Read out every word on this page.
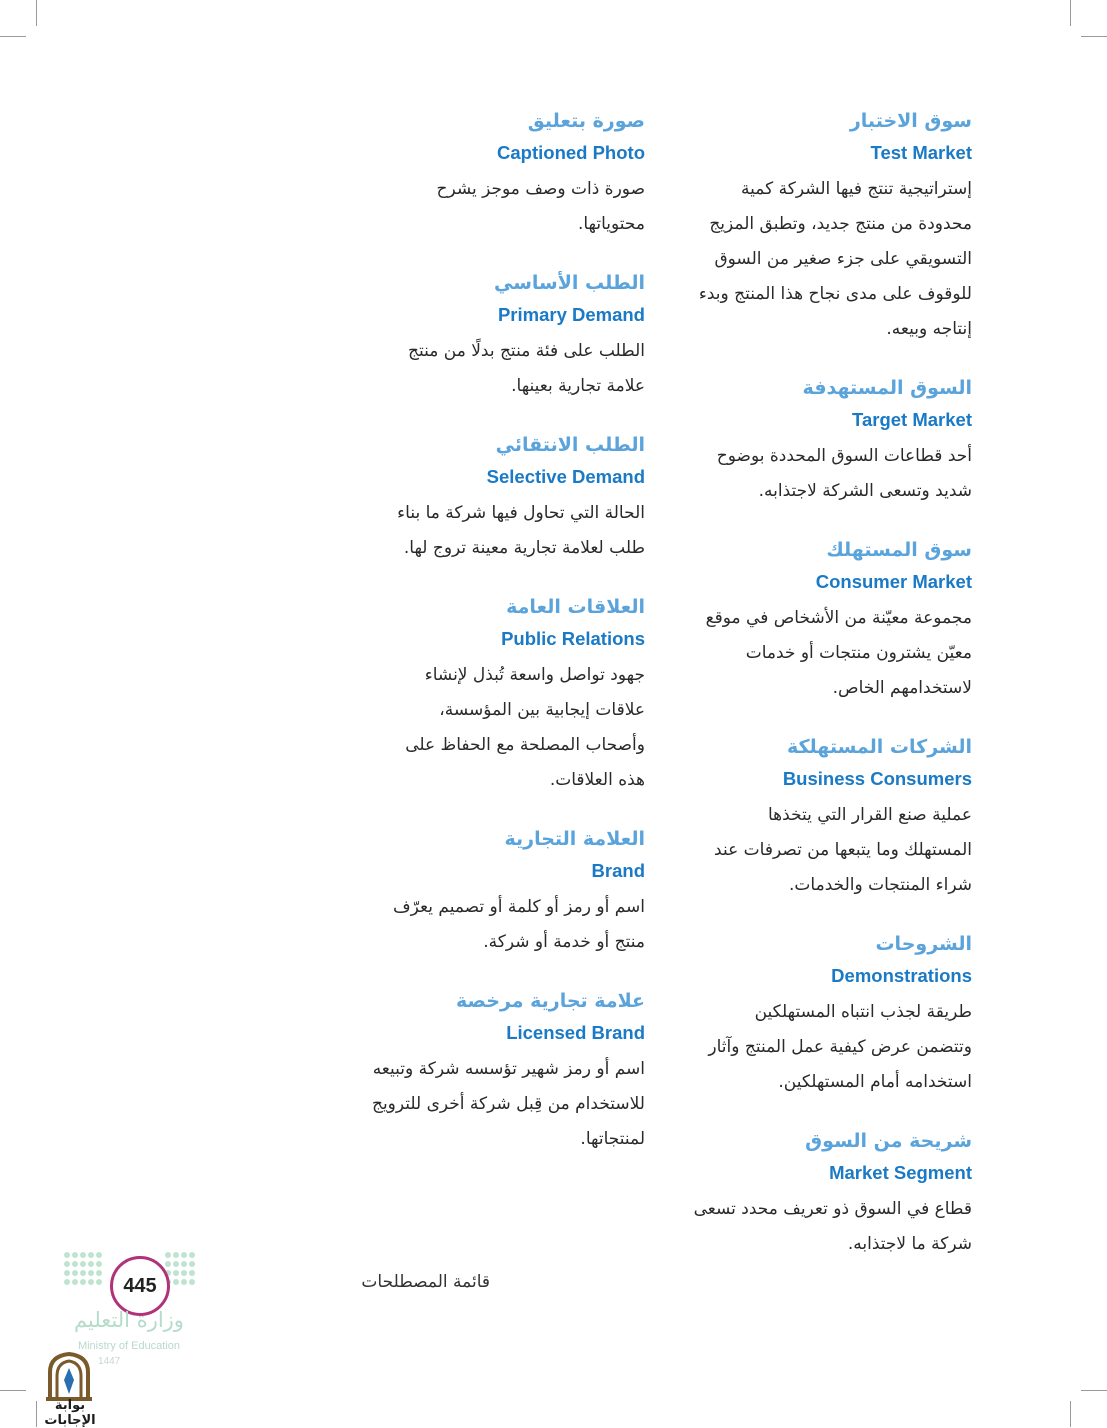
سوق الاختبار
Test Market
إستراتيجية تنتج فيها الشركة كمية
محدودة من منتج جديد، وتطبق المزيج
التسويقي على جزء صغير من السوق
للوقوف على مدى نجاح هذا المنتج وبدء
إنتاجه وبيعه.
السوق المستهدفة
Target Market
أحد قطاعات السوق المحددة بوضوح
شديد وتسعى الشركة لاجتذابه.
سوق المستهلك
Consumer Market
مجموعة معيّنة من الأشخاص في موقع
معيّن يشترون منتجات أو خدمات
لاستخدامهم الخاص.
الشركات المستهلكة
Business Consumers
عملية صنع القرار التي يتخذها
المستهلك وما يتبعها من تصرفات عند
شراء المنتجات والخدمات.
الشروحات
Demonstrations
طريقة لجذب انتباه المستهلكين
وتتضمن عرض كيفية عمل المنتج وآثار
استخدامه أمام المستهلكين.
شريحة من السوق
Market Segment
قطاع في السوق ذو تعريف محدد تسعى
شركة ما لاجتذابه.
صورة بتعليق
Captioned Photo
صورة ذات وصف موجز يشرح
محتوياتها.
الطلب الأساسي
Primary Demand
الطلب على فئة منتج بدلًا من منتج
علامة تجارية بعينها.
الطلب الانتقائي
Selective Demand
الحالة التي تحاول فيها شركة ما بناء
طلب لعلامة تجارية معينة تروج لها.
العلاقات العامة
Public Relations
جهود تواصل واسعة تُبذل لإنشاء
علاقات إيجابية بين المؤسسة،
وأصحاب المصلحة مع الحفاظ على
هذه العلاقات.
العلامة التجارية
Brand
اسم أو رمز أو كلمة أو تصميم يعرّف
منتج أو خدمة أو شركة.
علامة تجارية مرخصة
Licensed Brand
اسم أو رمز شهير تؤسسه شركة وتبيعه
للاستخدام من قِبل شركة أخرى للترويج
لمنتجاتها.
قائمة المصطلحات
445
وزارة التعليم
Ministry of Education
1447
بوابة الإجابات
